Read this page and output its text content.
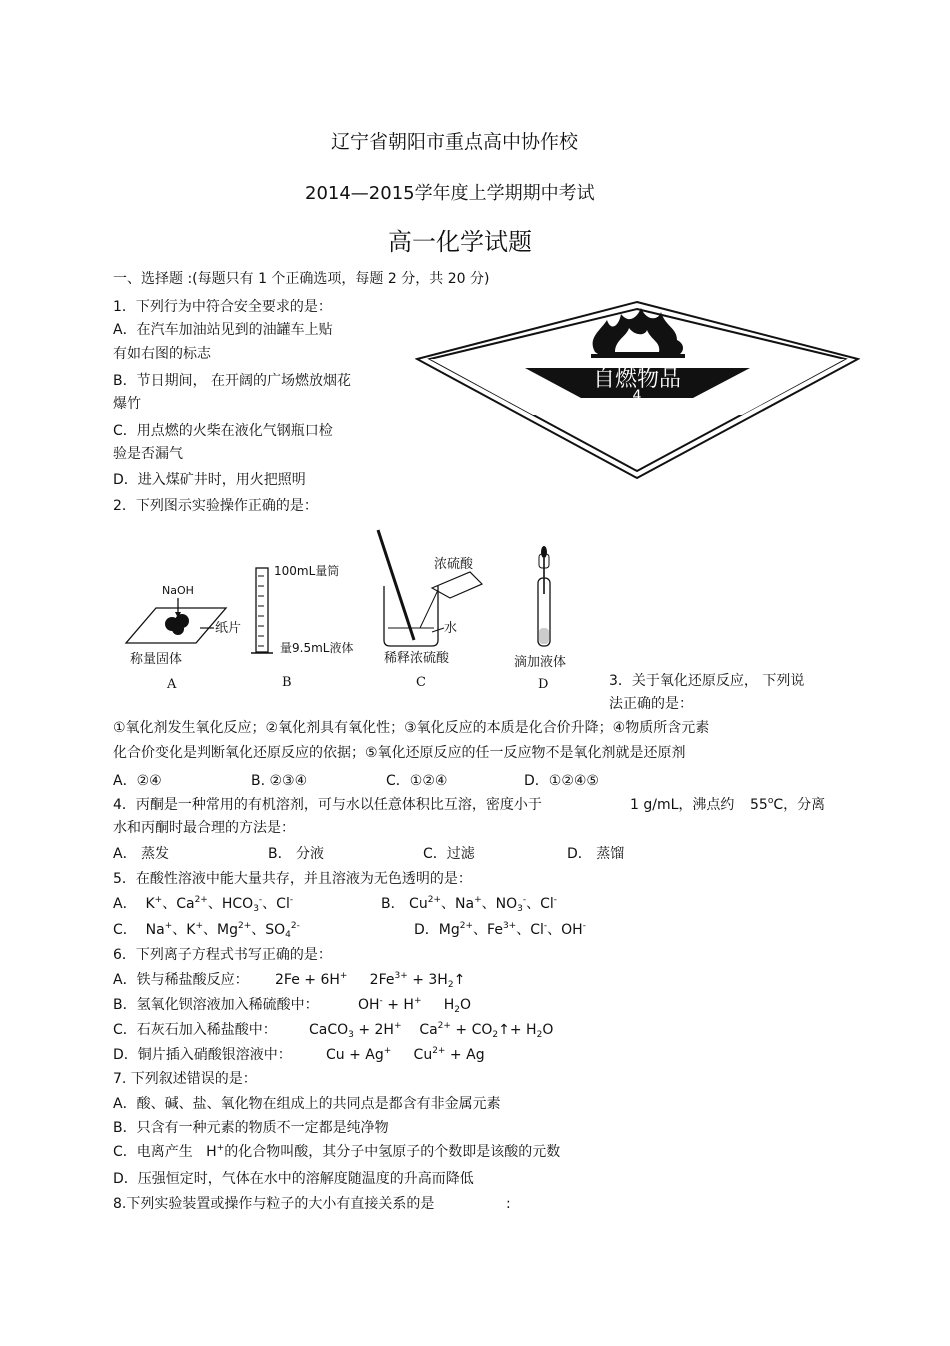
辽宁省朝阳市重点高中协作校
2014—2015学年度上学期期中考试
高一化学试题
一、选择题 :(每题只有 1 个正确选项，每题 2 分，共 20 分)
1．下列行为中符合安全要求的是：
A．在汽车加油站见到的油罐车上贴
有如右图的标志
B．节日期间， 在开阔的广场燃放烟花
爆竹
C．用点燃的火柴在液化气钢瓶口检
验是否漏气
D．进入煤矿井时，用火把照明
自燃物品
4
2．下列图示实验操作正确的是：
NaOH
纸片
称量固体
A
100mL量筒
量9.5mL液体
B
浓硫酸
水
稀释浓硫酸
C
滴加液体
D	3．关于氧化还原反应， 下列说
法正确的是：
①氧化剂发生氧化反应；②氧化剂具有氧化性；③氧化反应的本质是化合价升降；④物质所含元素
化合价变化是判断氧化还原反应的依据；⑤氧化还原反应的任一反应物不是氧化剂就是还原剂
A．②④	B. ②③④	C．①②④	D．①②④⑤
4．丙酮是一种常用的有机溶剂，可与水以任意体积比互溶，密度小于	1 g/mL，沸点约 55$^o$C，分离
水和丙酮时最合理的方法是：
A． 蒸发	B． 分液	C．过滤	D． 蒸馏
5．在酸性溶液中能大量共存，并且溶液为无色透明的是：
A．  K+、$Ca^{2+}$、$HCO_3^-$、Cl-	B． $Cu^{2+}$、Na+、$NO_3^-$、Cl-
C．  Na+、K+、$Mg^{2+}$、$SO_4^{2-}$	D．$Mg^{2+}$、$Fe^{3+}$、Cl-、OH-
6．下列离子方程式书写正确的是：
A．铁与稀盐酸反应： 2Fe + 6H+     $2Fe^{3+}$ + $3H_2↑$
B．氢氧化钡溶液加入稀硫酸中：	OH- + H+     $H_2O$
C．石灰石加入稀盐酸中： CaCO$_3$ + 2H+    $Ca^{2+}$ + $CO_2↑+ H_2O$
D．铜片插入硝酸银溶液中： Cu + Ag+     $Cu^{2+} + Ag$
7. 下列叙述错误的是：
A．酸、碱、盐、氧化物在组成上的共同点是都含有非金属元素
B．只含有一种元素的物质不一定都是纯净物
C．电离产生   H+的化合物叫酸，其分子中氢原子的个数即是该酸的元数
D．压强恒定时，气体在水中的溶解度随温度的升高而降低
8.下列实验装置或操作与粒子的大小有直接关系的是	:
